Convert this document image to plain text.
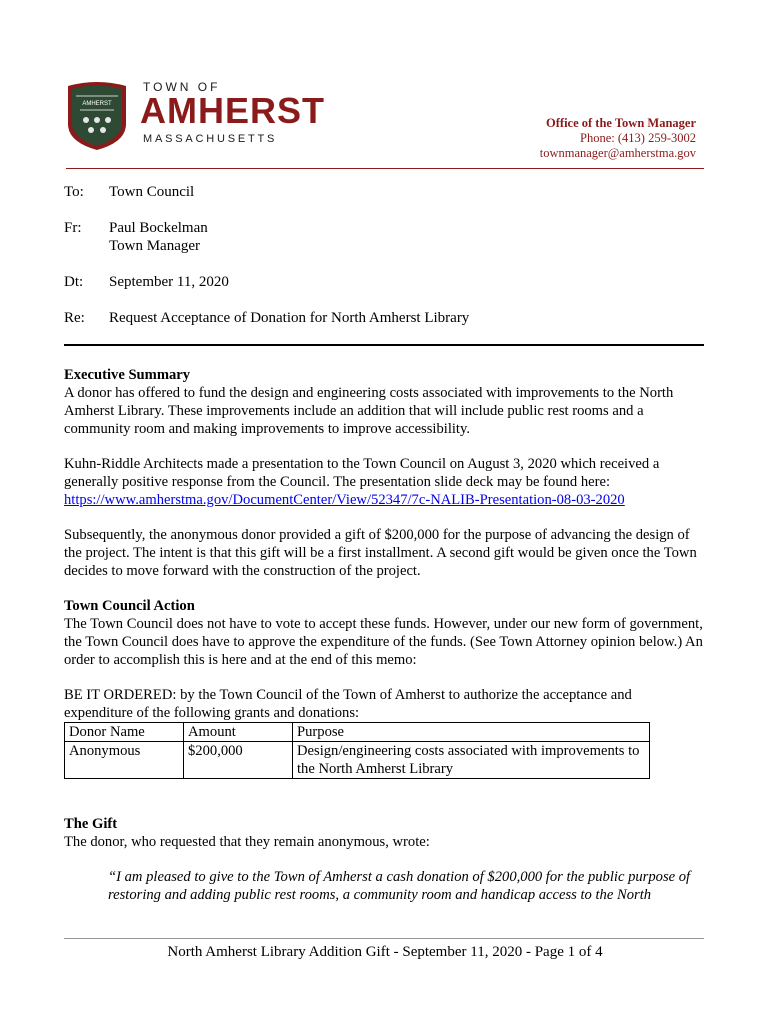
AMHERST
TOWN OF
AMHERST
MASSACHUSETTS
Office of the Town Manager
Phone: (413) 259-3002
townmanager@amherstma.gov
To:	Town Council
Fr:	Paul Bockelman
Town Manager
Dt:	September 11, 2020
Re:	Request Acceptance of Donation for North Amherst Library
Executive Summary

A donor has offered to fund the design and engineering costs associated with improvements to the North Amherst Library. These improvements include an addition that will include public rest rooms and a community room and making improvements to improve accessibility.

Kuhn-Riddle Architects made a presentation to the Town Council on August 3, 2020 which received a generally positive response from the Council. The presentation slide deck may be found here:
https://www.amherstma.gov/DocumentCenter/View/52347/7c-NALIB-Presentation-08-03-2020

Subsequently, the anonymous donor provided a gift of $200,000 for the purpose of advancing the design of the project. The intent is that this gift will be a first installment. A second gift would be given once the Town decides to move forward with the construction of the project.

Town Council Action

The Town Council does not have to vote to accept these funds. However, under our new form of government, the Town Council does have to approve the expenditure of the funds. (See Town Attorney opinion below.) An order to accomplish this is here and at the end of this memo:

BE IT ORDERED: by the Town Council of the Town of Amherst to authorize the acceptance and expenditure of the following grants and donations:
Donor Name	Amount	Purpose
Anonymous	$200,000	Design/engineering costs associated with improvements to the North Amherst Library
The Gift

The donor, who requested that they remain anonymous, wrote:

“I am pleased to give to the Town of Amherst a cash donation of $200,000 for the public purpose of restoring and adding public rest rooms, a community room and handicap access to the North
North Amherst Library Addition Gift - September 11, 2020 - Page 1 of 4
